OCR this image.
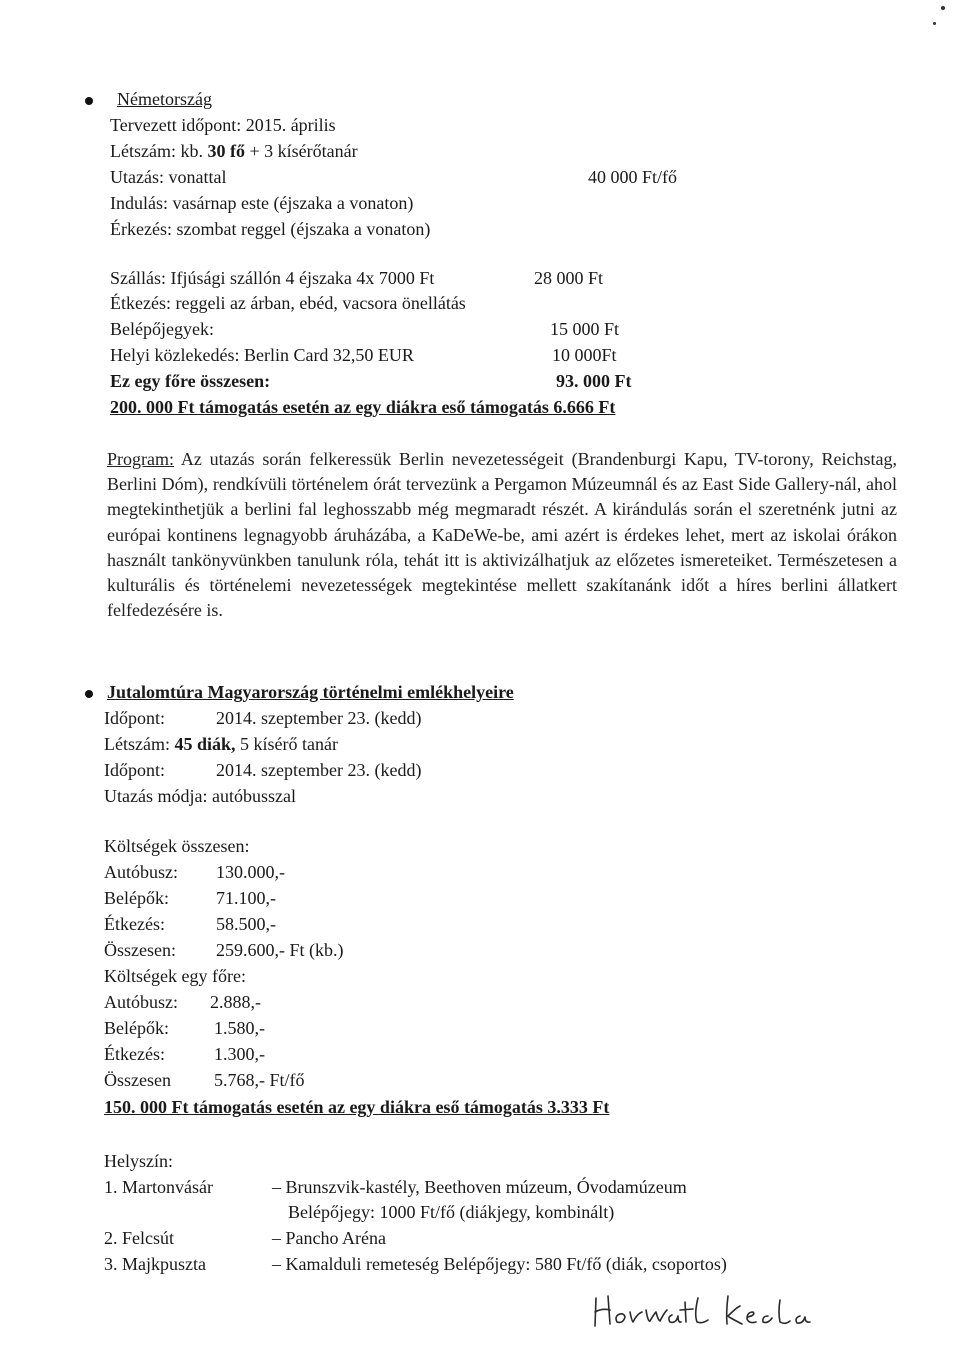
Németország
Tervezett időpont: 2015. április
Létszám: kb. 30 fő + 3 kísérőtanár
Utazás: vonattal	40 000 Ft/fő
Indulás: vasárnap este (éjszaka a vonaton)
Érkezés: szombat reggel (éjszaka a vonaton)
Szállás: Ifjúsági szállón 4 éjszaka 4x 7000 Ft	28 000 Ft
Étkezés: reggeli az árban, ebéd, vacsora önellátás
Belépőjegyek:	15 000 Ft
Helyi közlekedés: Berlin Card 32,50 EUR	10 000Ft
Ez egy főre összesen:	93. 000 Ft
200. 000 Ft támogatás esetén az egy diákra eső támogatás 6.666 Ft
Program: Az utazás során felkeressük Berlin nevezetességeit (Brandenburgi Kapu, TV-torony, Reichstag, Berlini Dóm), rendkívüli történelem órát tervezünk a Pergamon Múzeumnál és az East Side Gallery-nál, ahol megtekinthetjük a berlini fal leghosszabb még megmaradt részét. A kirándulás során el szeretnénk jutni az európai kontinens legnagyobb áruházába, a KaDeWe-be, ami azért is érdekes lehet, mert az iskolai órákon használt tankönyvünkben tanulunk róla, tehát itt is aktivizálhatjuk az előzetes ismereteiket. Természetesen a kulturális és történelemi nevezetességek megtekintése mellett szakítanánk időt a híres berlini állatkert felfedezésére is.
Jutalomtúra Magyarország történelmi emlékhelyeire
Időpont:	2014. szeptember 23. (kedd)
Létszám: 45 diák, 5 kísérő tanár
Időpont:	2014. szeptember 23. (kedd)
Utazás módja: autóbusszal
Költségek összesen:
Autóbusz: 130.000,-
Belépők:	71.100,-
Étkezés:	58.500,-
Összesen: 259.600,- Ft (kb.)
Költségek egy főre:
Autóbusz: 2.888,-
Belépők:	1.580,-
Étkezés:	1.300,-
Összesen 5.768,- Ft/fő
150. 000 Ft támogatás esetén az egy diákra eső támogatás 3.333 Ft
Helyszín:
1. Martonvásár	– Brunszvik-kastély, Beethoven múzeum, Óvodamúzeum
Belépőjegy: 1000 Ft/fő (diákjegy, kombinált)
2. Felcsút	– Pancho Aréna
3. Majkpuszta	– Kamalduli remeteség Belépőjegy: 580 Ft/fő (diák, csoportos)
